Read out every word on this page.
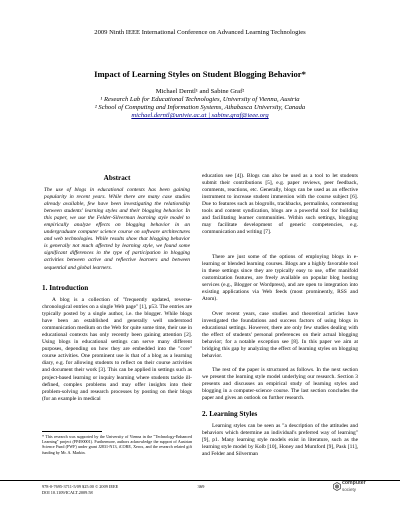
2009 Ninth IEEE International Conference on Advanced Learning Technologies
Impact of Learning Styles on Student Blogging Behavior*
Michael Derntl¹ and Sabine Graf²
¹ Research Lab for Educational Technologies, University of Vienna, Austria
² School of Computing and Information Systems, Athabasca University, Canada
michael.derntl@univie.ac.at | sabine.graf@ieee.org
Abstract
The use of blogs in educational contexts has been gaining popularity in recent years. While there are many case studies already available, few have been investigating the relationship between students' learning styles and their blogging behavior. In this paper, we use the Felder-Silverman learning style model to empirically analyze effects on blogging behavior in an undergraduate computer science course on software architectures and web technologies. While results show that blogging behavior is generally not much affected by learning style, we found some significant differences in the type of participation in blogging activities between active and reflective learners and between sequential and global learners.
1. Introduction
A blog is a collection of "frequently updated, reverse-chronological entries on a single Web page" [1], p53. The entries are typically posted by a single author, i.e. the blogger. While blogs have been an established and generally well understood communication medium on the Web for quite some time, their use in educational contexts has only recently been gaining attention [2]. Using blogs in educational settings can serve many different purposes, depending on how they are embedded into the "core" course activities. One prominent use is that of a blog as a learning diary, e.g. for allowing students to reflect on their course activities and document their work [3]. This can be applied in settings such as project-based learning or inquiry learning where students tackle ill-defined, complex problems and may offer insights into their problem-solving and research processes by posting on their blogs (for an example in medical
* This research was supported by the University of Vienna in the "Technology-Enhanced Learning" project (FP490001). Furthermore, authors acknowledge the support of Austrian Science Fund (FWF) under grant J2831-N13, iCORE, Xerox, and the research related gift funding by Mr. A. Markin.
education see [4]). Blogs can also be used as a tool to let students submit their contributions [5], e.g. paper reviews, peer feedback, comments, reactions, etc. Generally, blogs can be used as an effective instrument to increase student immersion with the course subject [6]. Due to features such as blogrolls, trackbacks, permalinks, commenting tools and content syndication, blogs are a powerful tool for building and facilitating learner communities. Within such settings, blogging may facilitate development of generic competencies, e.g. communication and writing [7].
There are just some of the options of employing blogs in e-learning or blended learning courses. Blogs are a highly favorable tool in these settings since they are typically easy to use, offer manifold customization features, are freely available on popular blog hosting services (e.g., Blogger or Wordpress), and are open to integration into existing applications via Web feeds (most prominently, RSS and Atom).
Over recent years, case studies and theoretical articles have investigated the foundations and success factors of using blogs in educational settings. However, there are only few studies dealing with the effect of students' personal preferences on their actual blogging behavior; for a notable exception see [8]. In this paper we aim at bridging this gap by analyzing the effect of learning styles on blogging behavior.
The rest of the paper is structured as follows. In the next section we present the learning style model underlying our research. Section 3 presents and discusses an empirical study of learning styles and blogging in a computer-science course. The last section concludes the paper and gives an outlook on further research.
2. Learning Styles
Learning styles can be seen as "a description of the attitudes and behaviors which determine an individual's preferred way of learning" [9], p1. Many learning style models exist in literature, such as the learning style model by Kolb [10], Honey and Mumford [9], Pask [11], and Felder and Silverman
978-0-7695-3711-5/09 $25.00 © 2009 IEEE
DOI 10.1109/ICALT.2009.58
369
computer
society
